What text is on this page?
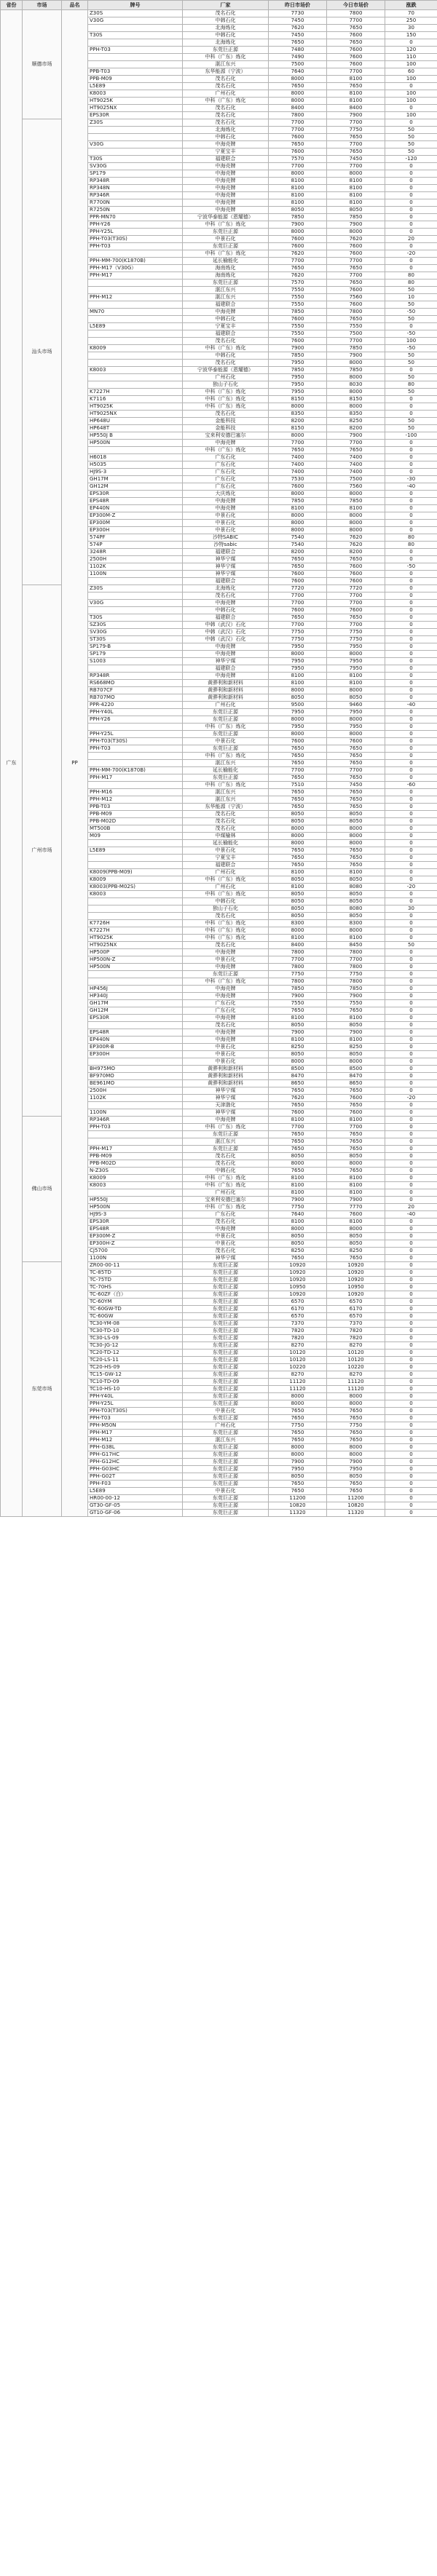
省份	市场	品名	牌号	厂家	昨日市场价	今日市场价	涨跌
广东	顺德市场	PP	Z30S	茂名石化	7730	7800	70
			V30G	中韩石化	7450	7700	250
				北海炼化	7620	7650	30
			T30S	中韩石化	7450	7600	150
				北海炼化	7650	7650	0
			PPH-T03	东莞巨正源	7480	7600	120
				中科（广东）炼化	7490	7600	110
				湛江东兴	7500	7600	100
			PPB-T03	东华能源（宁波）	7640	7700	60
			PPB-M09	茂名石化	8000	8100	100
			L5E89	茂名石化	7650	7650	0
			K8003	广州石化	8000	8100	100
			HT9025K	中科（广东）炼化	8000	8100	100
			HT9025NX	茂名石化	8400	8400	0
			EPS30R	茂名石化	7800	7900	100
	汕头市场		Z30S	茂名石化	7700	7700	0
				北海炼化	7700	7750	50
				中韩石化	7600	7650	50
			V30G	中海壳牌	7650	7700	50
				宁夏宝丰	7600	7650	50
			T30S	福建联合	7570	7450	-120
			SV30G	中海壳牌	7700	7700	0
			SP179	中海壳牌	8000	8000	0
			RP348R	中海壳牌	8100	8100	0
			RP348N	中海壳牌	8100	8100	0
			RP346R	中海壳牌	8100	8100	0
			R7700N	中海壳牌	8100	8100	0
			R7250N	中海壳牌	8050	8050	0
			PPR-MN70	宁波华泰能源（恩耀德）	7850	7850	0
			PPH-Y26	中科（广东）炼化	7900	7900	0
			PPH-Y25L	东莞巨正源	8000	8000	0
			PPH-T03(T30S)	中景石化	7600	7620	20
			PPH-T03	东莞巨正源	7600	7600	0
				中科（广东）炼化	7620	7600	-20
			PPH-MM-700(K1870B)	延长榆能化	7700	7700	0
			PPH-M17（V30G）	海南炼化	7650	7650	0
			PPH-M17	海南炼化	7620	7700	80
				东莞巨正源	7570	7650	80
				湛江东兴	7550	7600	50
			PPH-M12	湛江东兴	7550	7560	10
				福建联合	7550	7600	50
			MN70	中海壳牌	7850	7800	-50
				中韩石化	7600	7650	50
			L5E89	宁夏宝丰	7550	7550	0
				福建联合	7550	7500	-50
				茂名石化	7600	7700	100
			K8009	中科（广东）炼化	7900	7850	-50
				中韩石化	7850	7900	50
				茂名石化	7950	8000	50
			K8003	宁波华泰能源（恩耀德）	7850	7850	0
				广州石化	7950	8000	50
				独山子石化	7950	8030	80
			K7227H	中科（广东）炼化	7950	8000	50
			K7116	中科（广东）炼化	8150	8150	0
			HT9025K	中科（广东）炼化	8000	8000	0
			HT9025NX	茂名石化	8350	8350	0
			HP648U	金能科技	8200	8250	50
			HP648T	金能科技	8150	8200	50
			HP550J B	宝来利安德巴塞尔	8000	7900	-100
			HP500N	中海壳牌	7700	7700	0
				中科（广东）炼化	7650	7650	0
			H6018	广东石化	7400	7400	0
			H5035	广东石化	7400	7400	0
			HJ9S-3	广东石化	7400	7400	0
			GH17M	广东石化	7530	7500	-30
			GH12M	广东石化	7600	7560	-40
			EPS30R	大庆炼化	8000	8000	0
			EPS48R	中海壳牌	7850	7850	0
			EP440N	中海壳牌	8100	8100	0
			EP300M-Z	中景石化	8000	8000	0
			EP300M	中景石化	8000	8000	0
			EP300H	中景石化	8000	8000	0
			574PF	沙特SABIC	7540	7620	80
			574P	沙特sabic	7540	7620	80
			3248R	福建联合	8200	8200	0
			2500H	神华宁煤	7650	7650	0
			1102K	神华宁煤	7650	7600	-50
			1100N	神华宁煤	7600	7600	0
				福建联合	7600	7600	0
	广州市场		Z30S	北海炼化	7720	7720	0
				茂名石化	7700	7700	0
			V30G	中海壳牌	7700	7700	0
				中韩石化	7600	7600	0
			T30S	福建联合	7650	7650	0
			SZ30S	中韩（武汉）石化	7700	7700	0
			SV30G	中韩（武汉）石化	7750	7750	0
			ST30S	中韩（武汉）石化	7750	7750	0
			SP179-B	中海壳牌	7950	7950	0
			SP179	中海壳牌	8000	8000	0
			S1003	神华宁煤	7950	7950	0
				福建联合	7950	7950	0
			RP348R	中海壳牌	8100	8100	0
			RS668MO	黄骅利和新材料	8100	8100	0
			RB707CF	黄骅利和新材料	8000	8000	0
			RB707MO	黄骅利和新材料	8050	8050	0
			PPR-4220	广州石化	9500	9460	-40
			PPH-Y40L	东莞巨正源	7950	7950	0
			PPH-Y26	东莞巨正源	8000	8000	0
				中科（广东）炼化	7950	7950	0
			PPH-Y25L	东莞巨正源	8000	8000	0
			PPH-T03(T30S)	中景石化	7600	7600	0
			PPH-T03	东莞巨正源	7650	7650	0
				中科（广东）炼化	7650	7650	0
				湛江东兴	7650	7650	0
			PPH-MM-700(K1870B)	延长榆能化	7700	7700	0
			PPH-M17	东莞巨正源	7650	7650	0
				中科（广东）炼化	7510	7450	-60
			PPH-M16	湛江东兴	7650	7650	0
			PPH-M12	湛江东兴	7650	7650	0
			PPB-T03	东华能源（宁波）	7650	7650	0
			PPB-M09	茂名石化	8050	8050	0
			PPB-M02D	茂名石化	8050	8050	0
			MT500B	茂名石化	8000	8000	0
			M09	中煤榆林	8000	8000	0
				延长榆能化	8000	8000	0
			L5E89	中景石化	7650	7650	0
				宁夏宝丰	7650	7650	0
				福建联合	7650	7650	0
			K8009(PPB-M09)	广州石化	8100	8100	0
			K8009	中科（广东）炼化	8050	8050	0
			K8003(PPB-M02S)	广州石化	8100	8080	-20
			K8003	中科（广东）炼化	8050	8050	0
				中韩石化	8050	8050	0
				独山子石化	8050	8080	30
				茂名石化	8050	8050	0
			K7726H	中科（广东）炼化	8300	8300	0
			K7227H	中科（广东）炼化	8000	8000	0
			HT9025K	中科（广东）炼化	8100	8100	0
			HT9025NX	茂名石化	8400	8450	50
			HP500P	中海壳牌	7800	7800	0
			HP500N-Z	中景石化	7700	7700	0
			HP500N	中海壳牌	7800	7800	0
				东莞巨正源	7750	7750	0
				中科（广东）炼化	7800	7800	0
			HP456J	中海壳牌	7850	7850	0
			HP340J	中海壳牌	7900	7900	0
			GH17M	广东石化	7550	7550	0
			GH12M	广东石化	7650	7650	0
			EPS30R	中海壳牌	8100	8100	0
				茂名石化	8050	8050	0
			EPS48R	中海壳牌	7900	7900	0
			EP440N	中海壳牌	8100	8100	0
			EP300R-B	中景石化	8250	8250	0
			EP300H	中景石化	8050	8050	0
				中景石化	8000	8000	0
			BH975MO	黄骅利和新材料	8500	8500	0
			BF970MO	黄骅利和新材料	8470	8470	0
			BE961MO	黄骅利和新材料	8650	8650	0
			2500H	神华宁煤	7650	7650	0
			1102K	神华宁煤	7620	7600	-20
				天津渤化	7650	7650	0
			1100N	神华宁煤	7600	7600	0
	佛山市场		RP346R	中海壳牌	8100	8100	0
			PPH-T03	中科（广东）炼化	7700	7700	0
				东莞巨正源	7650	7650	0
				湛江东兴	7650	7650	0
			PPH-M17	东莞巨正源	7650	7650	0
			PPB-M09	茂名石化	8050	8050	0
			PPB-M02D	茂名石化	8000	8000	0
			N-Z30S	中韩石化	7650	7650	0
			K8009	中科（广东）炼化	8100	8100	0
			K8003	中科（广东）炼化	8100	8100	0
				广州石化	8100	8100	0
			HP550J	宝来利安德巴塞尔	7900	7900	0
			HP500N	中科（广东）炼化	7750	7770	20
			HJ9S-3	广东石化	7640	7600	-40
			EPS30R	茂名石化	8100	8100	0
			EPS48R	中海壳牌	8000	8000	0
			EP300M-Z	中景石化	8050	8050	0
			EP300H-Z	中景石化	8050	8050	0
			CJ5700	茂名石化	8250	8250	0
			1100N	神华宁煤	7650	7650	0
	东莞市场		ZR00-00-11	东莞巨正源	10920	10920	0
			TC-85TD	东莞巨正源	10920	10920	0
			TC-75TD	东莞巨正源	10920	10920	0
			TC-70HS	东莞巨正源	10950	10950	0
			TC-60ZF（白）	东莞巨正源	10920	10920	0
			TC-60YM	东莞巨正源	6570	6570	0
			TC-60GW-TD	东莞巨正源	6170	6170	0
			TC-60GW	东莞巨正源	6570	6570	0
			TC30-YM-08	东莞巨正源	7370	7370	0
			TC30-TD-10	东莞巨正源	7820	7820	0
			TC30-LS-09	东莞巨正源	7820	7820	0
			TC30-JG-12	东莞巨正源	8270	8270	0
			TC20-TD-12	东莞巨正源	10120	10120	0
			TC20-LS-11	东莞巨正源	10120	10120	0
			TC20-HS-09	东莞巨正源	10220	10220	0
			TC15-GW-12	东莞巨正源	8270	8270	0
			TC10-TD-09	东莞巨正源	11120	11120	0
			TC10-HS-10	东莞巨正源	11120	11120	0
			PPH-Y40L	东莞巨正源	8000	8000	0
			PPH-Y25L	东莞巨正源	8000	8000	0
			PPH-T03(T30S)	中景石化	7650	7650	0
			PPH-T03	东莞巨正源	7650	7650	0
			PPH-M50N	广州石化	7750	7750	0
			PPH-M17	东莞巨正源	7650	7650	0
			PPH-M12	湛江东兴	7650	7650	0
			PPH-G38L	东莞巨正源	8000	8000	0
			PPH-G17HC	东莞巨正源	8000	8000	0
			PPH-G12HC	东莞巨正源	7900	7900	0
			PPH-G03HC	东莞巨正源	7950	7950	0
			PPH-G02T	东莞巨正源	8050	8050	0
			PPH-F03	东莞巨正源	7650	7650	0
			L5E89	中景石化	7650	7650	0
			HR00-00-12	东莞巨正源	11200	11200	0
			GT30-GF-05	东莞巨正源	10820	10820	0
			GT10-GF-06	东莞巨正源	11320	11320	0
